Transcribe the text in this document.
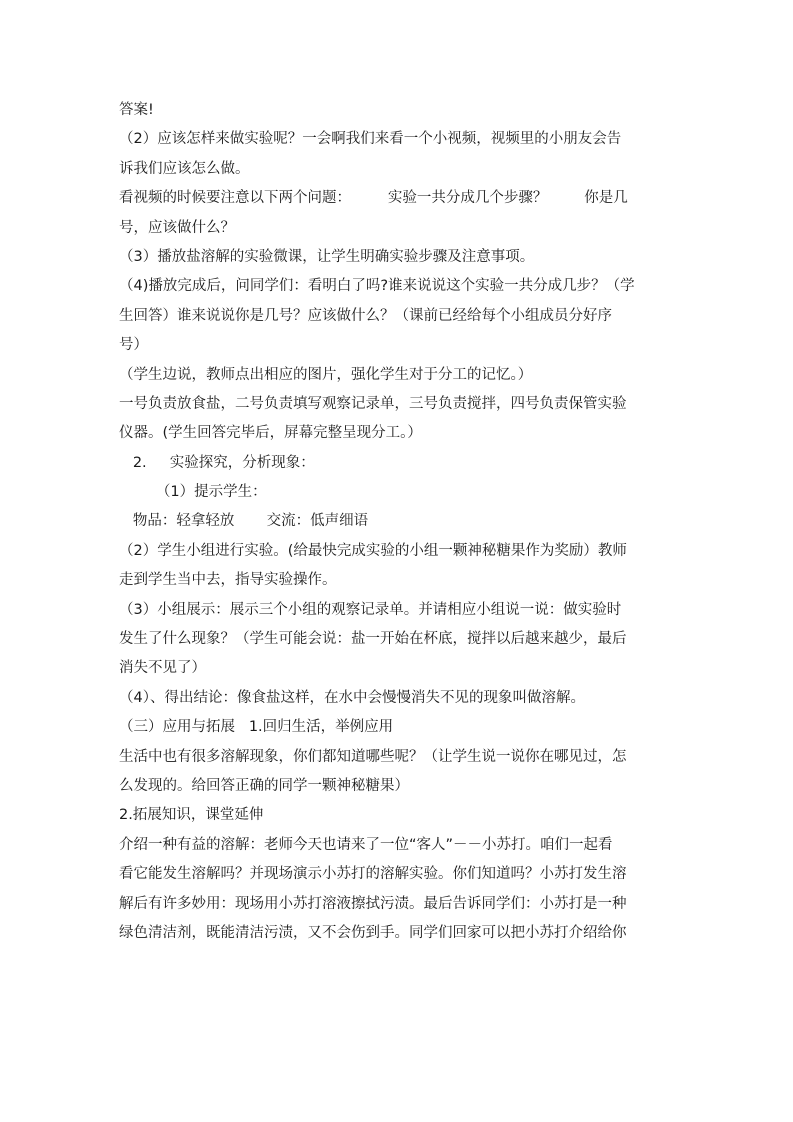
答案!
（2）应该怎样来做实验呢？一会啊我们来看一个小视频，视频里的小朋友会告
诉我们应该怎么做。
看视频的时候要注意以下两个问题：        实验一共分成几个步骤？        你是几
号，应该做什么？
（3）播放盐溶解的实验微课，让学生明确实验步骤及注意事项。
（4)播放完成后，问同学们：看明白了吗?谁来说说这个实验一共分成几步？（学
生回答）谁来说说你是几号？应该做什么？（课前已经给每个小组成员分好序
号）
（学生边说，教师点出相应的图片，强化学生对于分工的记忆。）
一号负责放食盐，二号负责填写观察记录单，三号负责搅拌，四号负责保管实验
仪器。(学生回答完毕后，屏幕完整呈现分工。）
2.     实验探究，分析现象：
（1）提示学生：
物品：轻拿轻放       交流：低声细语
（2）学生小组进行实验。(给最快完成实验的小组一颗神秘糖果作为奖励）教师
走到学生当中去，指导实验操作。
（3）小组展示：展示三个小组的观察记录单。并请相应小组说一说：做实验时
发生了什么现象？（学生可能会说：盐一开始在杯底，搅拌以后越来越少，最后
消失不见了）
（4）、得出结论：像食盐这样，在水中会慢慢消失不见的现象叫做溶解。
（三）应用与拓展   1.回归生活，举例应用
生活中也有很多溶解现象，你们都知道哪些呢？（让学生说一说你在哪见过，怎
么发现的。给回答正确的同学一颗神秘糖果）
2.拓展知识，课堂延伸
介绍一种有益的溶解：老师今天也请来了一位“客人”－－小苏打。咱们一起看
看它能发生溶解吗？并现场演示小苏打的溶解实验。你们知道吗？小苏打发生溶
解后有许多妙用：现场用小苏打溶液擦拭污渍。最后告诉同学们：小苏打是一种
绿色清洁剂，既能清洁污渍，又不会伤到手。同学们回家可以把小苏打介绍给你
